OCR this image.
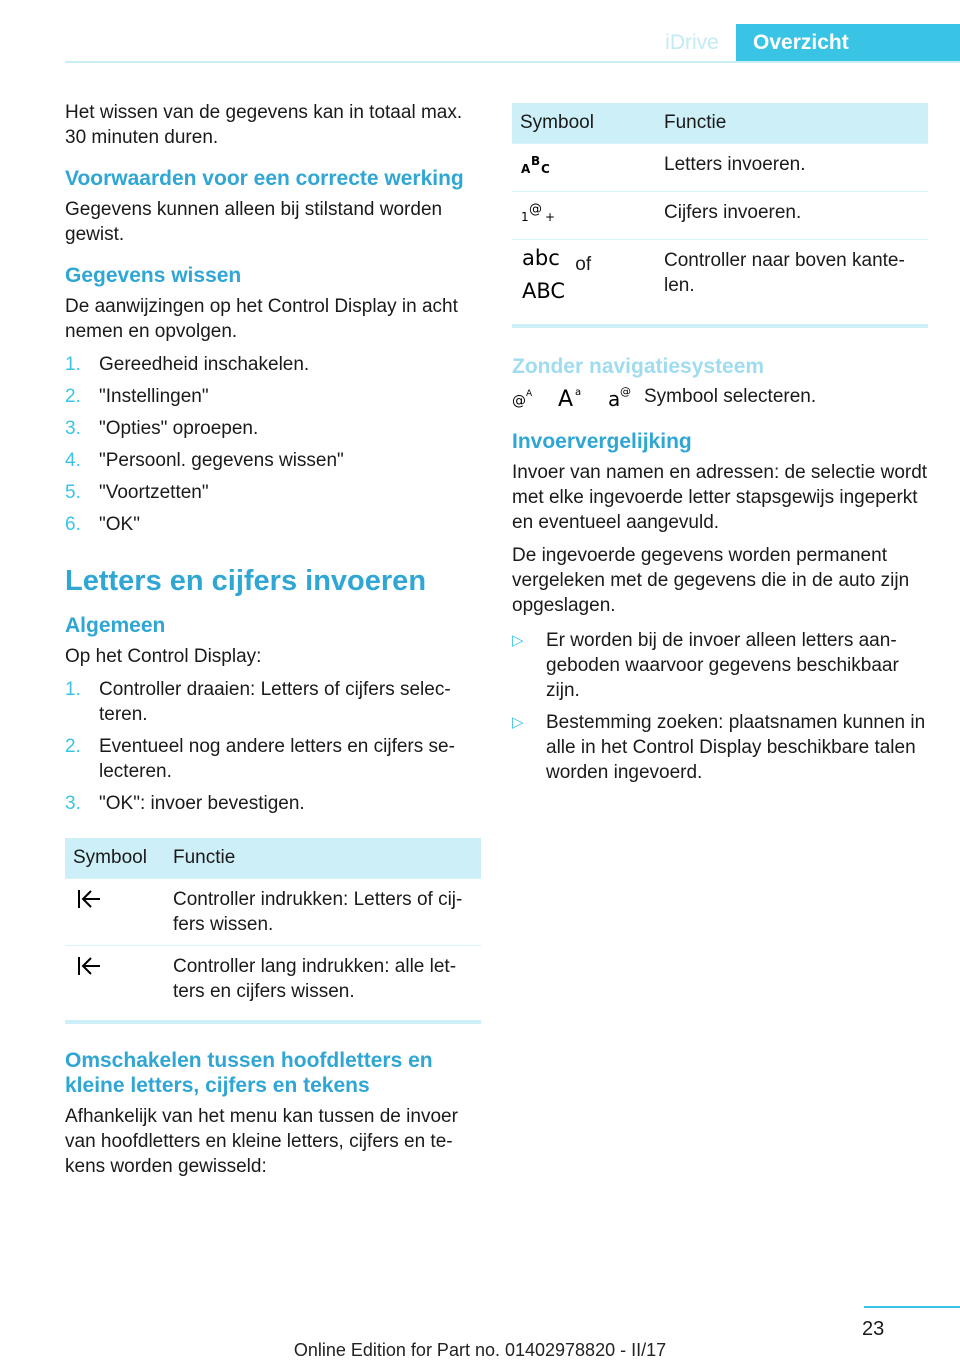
iDrive	Overzicht

Het wissen van de gegevens kan in totaal max. 30 minuten duren.

Voorwaarden voor een correcte werking

Gegevens kunnen alleen bij stilstand worden gewist.

Gegevens wissen

De aanwijzingen op het Control Display in acht nemen en opvolgen.

1. Gereedheid inschakelen.
2. "Instellingen"
3. "Opties" oproepen.
4. "Persoonl. gegevens wissen"
5. "Voortzetten"
6. "OK"
Letters en cijfers invoeren
Algemeen

Op het Control Display:

1. Controller draaien: Letters of cijfers selecteren.
2. Eventueel nog andere letters en cijfers selecteren.
3. "OK": invoer bevestigen.
Symbool	Functie
	Controller indrukken: Letters of cijfers wissen.
	Controller lang indrukken: alle letters en cijfers wissen.
Omschakelen tussen hoofdletters en kleine letters, cijfers en tekens

Afhankelijk van het menu kan tussen de invoer van hoofdletters en kleine letters, cijfers en tekens worden gewisseld:

Symbool	Functie

A
B
C	Letters invoeren.

1 @ +	Cijfers invoeren.

abc of

ABC	Controller naar boven kantelen.
Zonder navigatiesysteem
@ A A a a @ Symbool selecteren.
Invoervergelijking

Invoer van namen en adressen: de selectie wordt met elke ingevoerde letter stapsgewijs ingeperkt en eventueel aangevuld.

De ingevoerde gegevens worden permanent vergeleken met de gegevens die in de auto zijn opgeslagen.

▷	Er worden bij de invoer alleen letters aangeboden waarvoor gegevens beschikbaar zijn.
▷	Bestemming zoeken: plaatsnamen kunnen in alle in het Control Display beschikbare talen worden ingevoerd.
23
Online Edition for Part no. 01402978820 - II/17
